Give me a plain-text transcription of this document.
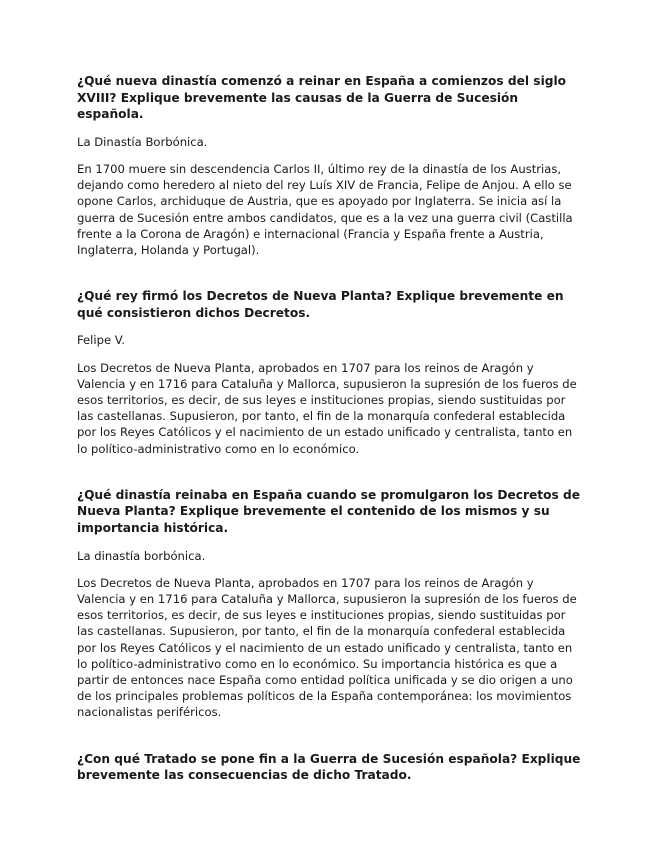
¿Qué nueva dinastía comenzó a reinar en España a comienzos del siglo XVIII? Explique brevemente las causas de la Guerra de Sucesión española.

La Dinastía Borbónica.

En 1700 muere sin descendencia Carlos II, último rey de la dinastía de los Austrias, dejando como heredero al nieto del rey Luís XIV de Francia, Felipe de Anjou. A ello se opone Carlos, archiduque de Austria, que es apoyado por Inglaterra. Se inicia así la guerra de Sucesión entre ambos candidatos, que es a la vez una guerra civil (Castilla frente a la Corona de Aragón) e internacional (Francia y España frente a Austria, Inglaterra, Holanda y Portugal).

¿Qué rey firmó los Decretos de Nueva Planta? Explique brevemente en qué consistieron dichos Decretos.

Felipe V.

Los Decretos de Nueva Planta, aprobados en 1707 para los reinos de Aragón y Valencia y en 1716 para Cataluña y Mallorca, supusieron la supresión de los fueros de esos territorios, es decir, de sus leyes e instituciones propias, siendo sustituidas por las castellanas. Supusieron, por tanto, el fin de la monarquía confederal establecida por los Reyes Católicos y el nacimiento de un estado unificado y centralista, tanto en lo político-administrativo como en lo económico.

¿Qué dinastía reinaba en España cuando se promulgaron los Decretos de Nueva Planta? Explique brevemente el contenido de los mismos y su importancia histórica.

La dinastía borbónica.

Los Decretos de Nueva Planta, aprobados en 1707 para los reinos de Aragón y Valencia y en 1716 para Cataluña y Mallorca, supusieron la supresión de los fueros de esos territorios, es decir, de sus leyes e instituciones propias, siendo sustituidas por las castellanas. Supusieron, por tanto, el fin de la monarquía confederal establecida por los Reyes Católicos y el nacimiento de un estado unificado y centralista, tanto en lo político-administrativo como en lo económico. Su importancia histórica es que a partir de entonces nace España como entidad política unificada y se dio origen a uno de los principales problemas políticos de la España contemporánea: los movimientos nacionalistas periféricos.

¿Con qué Tratado se pone fin a la Guerra de Sucesión española? Explique brevemente las consecuencias de dicho Tratado.
